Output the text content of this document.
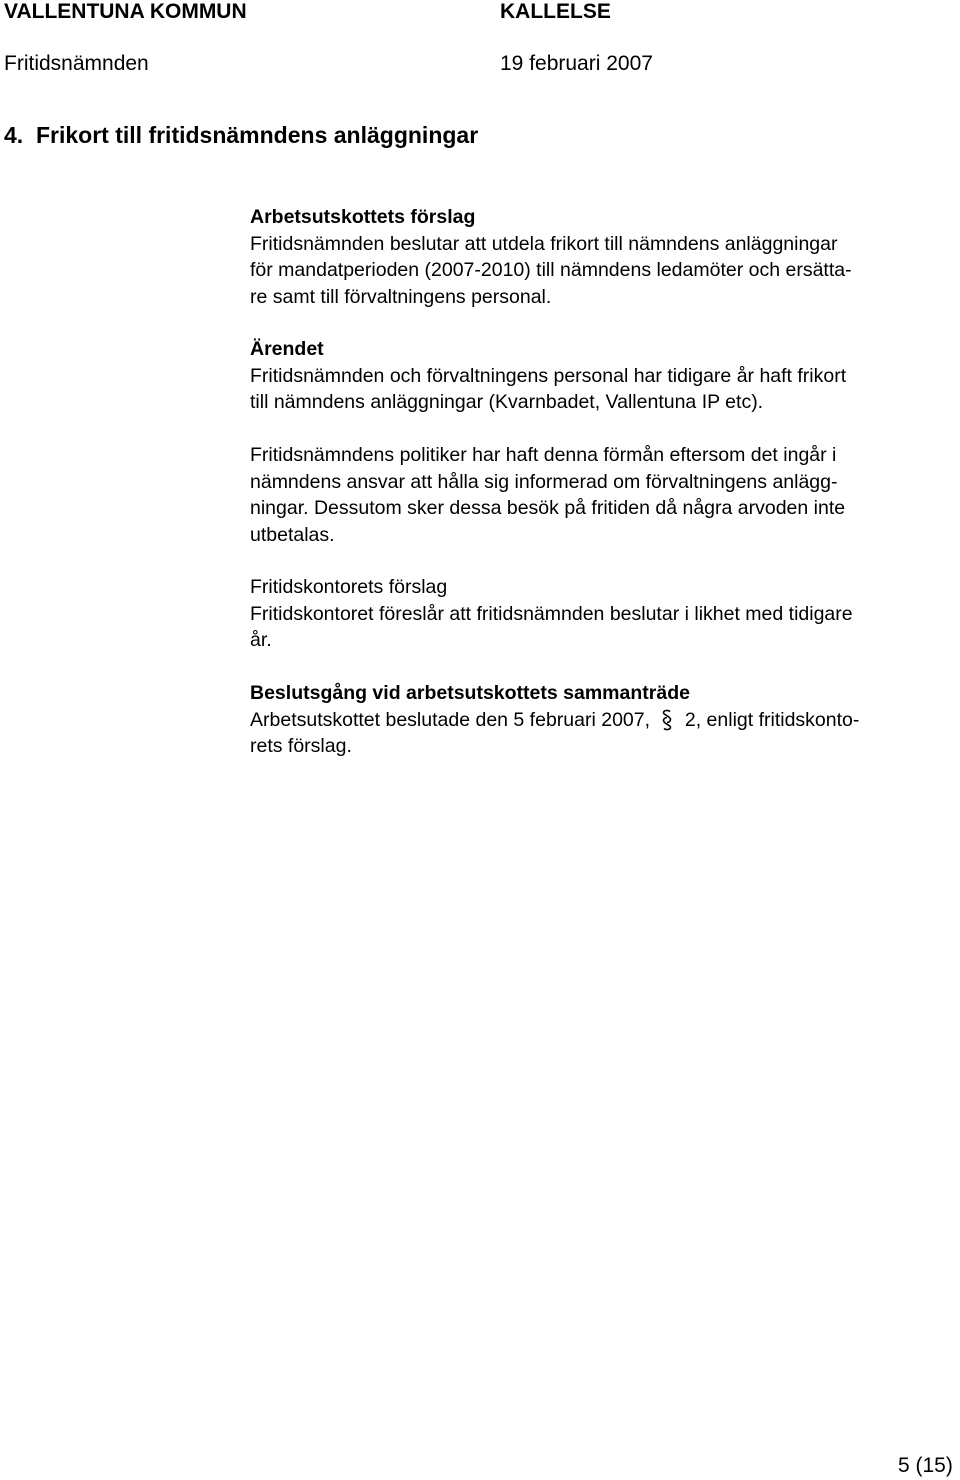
VALLENTUNA KOMMUN	KALLELSE
Fritidsnämnden	19 februari 2007
4. Frikort till fritidsnämndens anläggningar
Arbetsutskottets förslag
Fritidsnämnden beslutar att utdela frikort till nämndens anläggningar
för mandatperioden (2007-2010) till nämndens ledamöter och ersätta-
re samt till förvaltningens personal.
Ärendet
Fritidsnämnden och förvaltningens personal har tidigare år haft frikort
till nämndens anläggningar (Kvarnbadet, Vallentuna IP etc).
Fritidsnämndens politiker har haft denna förmån eftersom det ingår i
nämndens ansvar att hålla sig informerad om förvaltningens anlägg-
ningar. Dessutom sker dessa besök på fritiden då några arvoden inte
utbetalas.
Fritidskontorets förslag
Fritidskontoret föreslår att fritidsnämnden beslutar i likhet med tidigare
år.
Beslutsgång vid arbetsutskottets sammanträde
Arbetsutskottet beslutade den 5 februari 2007, 2, enligt fritidskonto-
rets förslag.
5 (15)
